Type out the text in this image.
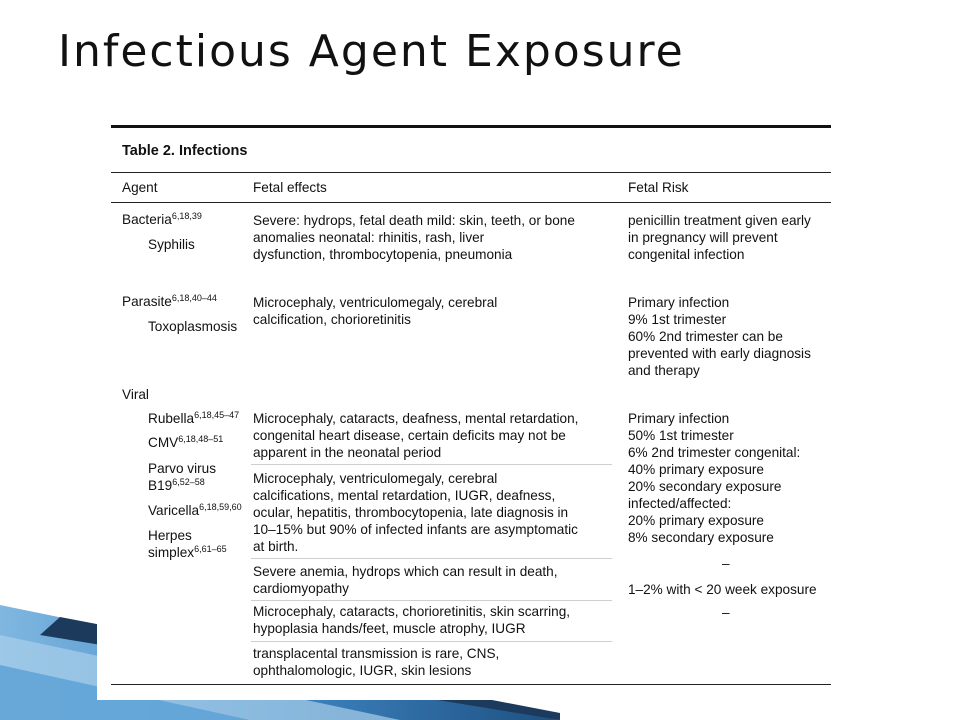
Infectious Agent Exposure
Table 2. Infections
Agent	Fetal effects	Fetal Risk
Bacteria$^{6,18,39}$
Syphilis
Severe: hydrops, fetal death mild: skin, teeth, or bone
anomalies neonatal: rhinitis, rash, liver
dysfunction, thrombocytopenia, pneumonia
penicillin treatment given early
in pregnancy will prevent
congenital infection
Parasite$^{6,18,40-44}$
Toxoplasmosis
Microcephaly, ventriculomegaly, cerebral
calcification, chorioretinitis
Primary infection
9% 1st trimester
60% 2nd trimester can be
prevented with early diagnosis
and therapy
Viral
Rubella$^{6,18,45-47}$
CMV$^{6,18,48-51}$
Parvo virus
B19$^{6,52-58}$
Varicella$^{6,18,59,60}$
Herpes
simplex$^{6,61-65}$
Microcephaly, cataracts, deafness, mental retardation,
congenital heart disease, certain deficits may not be
apparent in the neonatal period
Microcephaly, ventriculomegaly, cerebral
calcifications, mental retardation, IUGR, deafness,
ocular, hepatitis, thrombocytopenia, late diagnosis in
10–15% but 90% of infected infants are asymptomatic
at birth.
Severe anemia, hydrops which can result in death,
cardiomyopathy
Microcephaly, cataracts, chorioretinitis, skin scarring,
hypoplasia hands/feet, muscle atrophy, IUGR
transplacental transmission is rare, CNS,
ophthalomologic, IUGR, skin lesions
Primary infection
50% 1st trimester
6% 2nd trimester congenital:
40% primary exposure
20% secondary exposure
infected/affected:
20% primary exposure
8% secondary exposure
–
1–2% with < 20 week exposure
–
